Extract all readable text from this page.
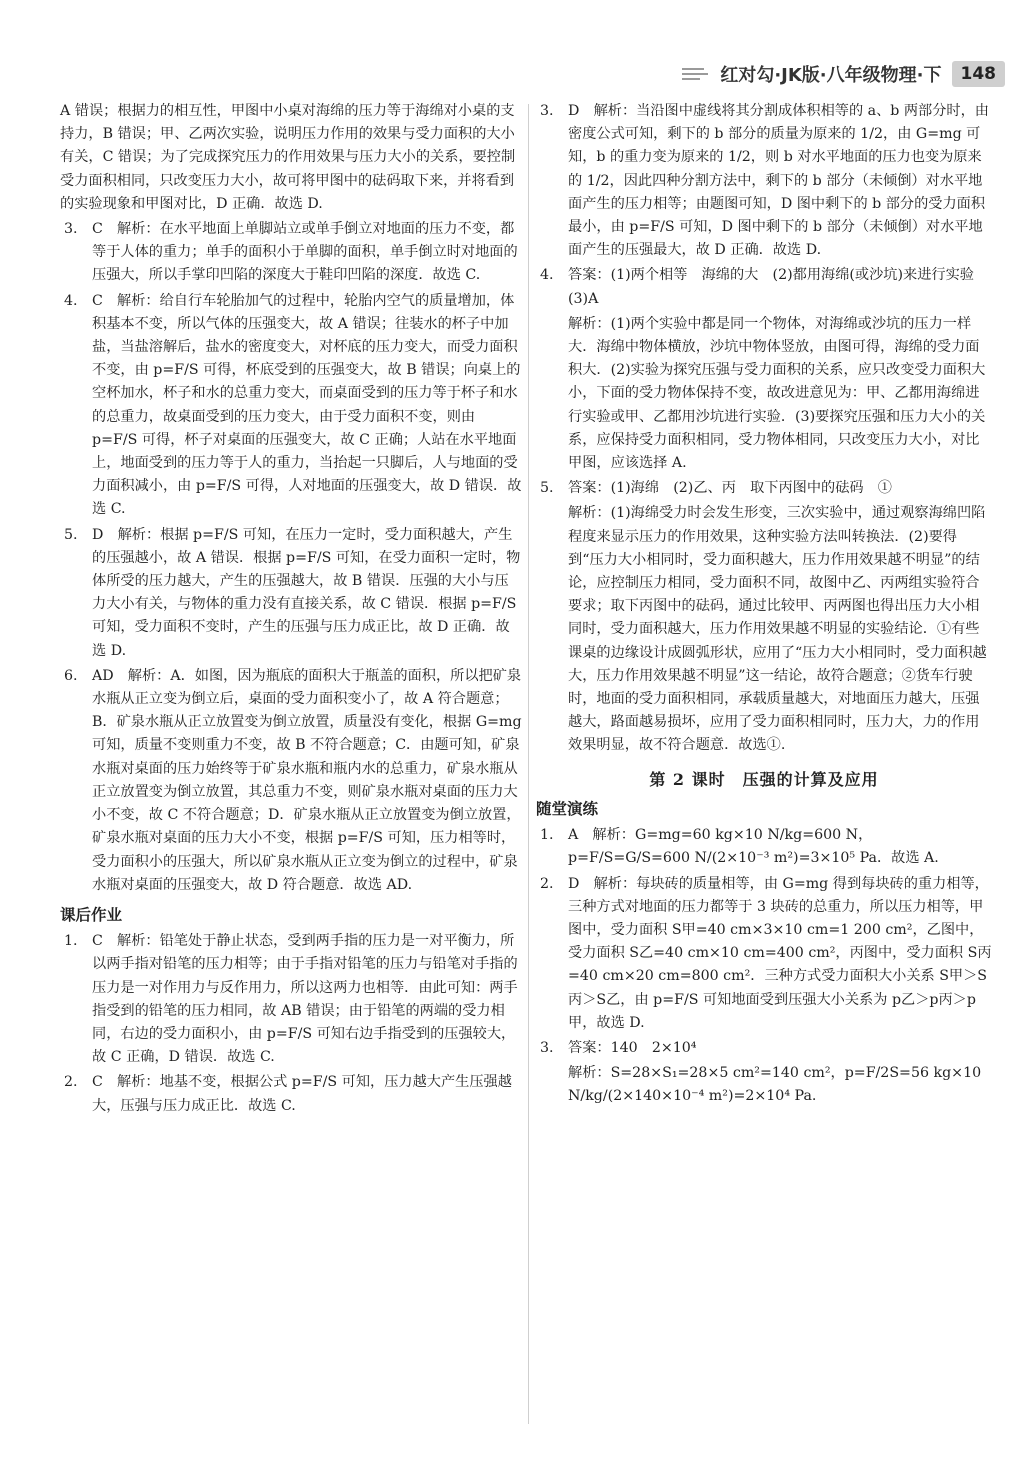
红对勾·JK版·八年级物理·下	148
A 错误；根据力的相互性，甲图中小桌对海绵的压力等于海绵对小桌的支持力，B 错误；甲、乙两次实验，说明压力作用的效果与受力面积的大小有关，C 错误；为了完成探究压力的作用效果与压力大小的关系，要控制受力面积相同，只改变压力大小，故可将甲图中的砝码取下来，并将看到的实验现象和甲图对比，D 正确．故选 D.
3. C　解析：在水平地面上单脚站立或单手倒立对地面的压力不变，都等于人体的重力；单手的面积小于单脚的面积，单手倒立时对地面的压强大，所以手掌印凹陷的深度大于鞋印凹陷的深度．故选 C.
4. C　解析：给自行车轮胎加气的过程中，轮胎内空气的质量增加，体积基本不变，所以气体的压强变大，故 A 错误；往装水的杯子中加盐，当盐溶解后，盐水的密度变大，对杯底的压力变大，而受力面积不变，由 p=F/S 可得，杯底受到的压强变大，故 B 错误；向桌上的空杯加水，杯子和水的总重力变大，而桌面受到的压力等于杯子和水的总重力，故桌面受到的压力变大，由于受力面积不变，则由 p=F/S 可得，杯子对桌面的压强变大，故 C 正确；人站在水平地面上，地面受到的压力等于人的重力，当抬起一只脚后，人与地面的受力面积减小，由 p=F/S 可得，人对地面的压强变大，故 D 错误．故选 C.
5. D　解析：根据 p=F/S 可知，在压力一定时，受力面积越大，产生的压强越小，故 A 错误．根据 p=F/S 可知，在受力面积一定时，物体所受的压力越大，产生的压强越大，故 B 错误．压强的大小与压力大小有关，与物体的重力没有直接关系，故 C 错误．根据 p=F/S 可知，受力面积不变时，产生的压强与压力成正比，故 D 正确．故选 D.
6. AD　解析：A．如图，因为瓶底的面积大于瓶盖的面积，所以把矿泉水瓶从正立变为倒立后，桌面的受力面积变小了，故 A 符合题意；B．矿泉水瓶从正立放置变为倒立放置，质量没有变化，根据 G=mg 可知，质量不变则重力不变，故 B 不符合题意；C．由题可知，矿泉水瓶对桌面的压力始终等于矿泉水瓶和瓶内水的总重力，矿泉水瓶从正立放置变为倒立放置，其总重力不变，则矿泉水瓶对桌面的压力大小不变，故 C 不符合题意；D．矿泉水瓶从正立放置变为倒立放置，矿泉水瓶对桌面的压力大小不变，根据 p=F/S 可知，压力相等时，受力面积小的压强大，所以矿泉水瓶从正立变为倒立的过程中，矿泉水瓶对桌面的压强变大，故 D 符合题意．故选 AD.
课后作业
1. C　解析：铅笔处于静止状态，受到两手指的压力是一对平衡力，所以两手指对铅笔的压力相等；由于手指对铅笔的压力与铅笔对手指的压力是一对作用力与反作用力，所以这两力也相等．由此可知：两手指受到的铅笔的压力相同，故 AB 错误；由于铅笔的两端的受力相同，右边的受力面积小，由 p=F/S 可知右边手指受到的压强较大，故 C 正确，D 错误．故选 C.
2. C　解析：地基不变，根据公式 p=F/S 可知，压力越大产生压强越大，压强与压力成正比．故选 C.
3. D　解析：当沿图中虚线将其分割成体积相等的 a、b 两部分时，由密度公式可知，剩下的 b 部分的质量为原来的 1/2，由 G=mg 可知，b 的重力变为原来的 1/2，则 b 对水平地面的压力也变为原来的 1/2，因此四种分割方法中，剩下的 b 部分（未倾倒）对水平地面产生的压力相等；由题图可知，D 图中剩下的 b 部分的受力面积最小，由 p=F/S 可知，D 图中剩下的 b 部分（未倾倒）对水平地面产生的压强最大，故 D 正确．故选 D.
4. 答案：(1)两个相等　海绵的大　(2)都用海绵(或沙坑)来进行实验　(3)A
解析：(1)两个实验中都是同一个物体，对海绵或沙坑的压力一样大．海绵中物体横放，沙坑中物体竖放，由图可得，海绵的受力面积大．(2)实验为探究压强与受力面积的关系，应只改变受力面积大小，下面的受力物体保持不变，故改进意见为：甲、乙都用海绵进行实验或甲、乙都用沙坑进行实验．(3)要探究压强和压力大小的关系，应保持受力面积相同，受力物体相同，只改变压力大小，对比甲图，应该选择 A.
5. 答案：(1)海绵　(2)乙、丙　取下丙图中的砝码　①
解析：(1)海绵受力时会发生形变，三次实验中，通过观察海绵凹陷程度来显示压力的作用效果，这种实验方法叫转换法．(2)要得到“压力大小相同时，受力面积越大，压力作用效果越不明显”的结论，应控制压力相同，受力面积不同，故图中乙、丙两组实验符合要求；取下丙图中的砝码，通过比较甲、丙两图也得出压力大小相同时，受力面积越大，压力作用效果越不明显的实验结论．①有些课桌的边缘设计成圆弧形状，应用了“压力大小相同时，受力面积越大，压力作用效果越不明显”这一结论，故符合题意；②货车行驶时，地面的受力面积相同，承载质量越大，对地面压力越大，压强越大，路面越易损坏，应用了受力面积相同时，压力大，力的作用效果明显，故不符合题意．故选①.
第 2 课时　压强的计算及应用
随堂演练
1. A　解析：G=mg=60 kg×10 N/kg=600 N，p=F/S=G/S=600 N/(2×10⁻³ m²)=3×10⁵ Pa．故选 A.
2. D　解析：每块砖的质量相等，由 G=mg 得到每块砖的重力相等，三种方式对地面的压力都等于 3 块砖的总重力，所以压力相等，甲图中，受力面积 S甲=40 cm×3×10 cm=1 200 cm²，乙图中，受力面积 S乙=40 cm×10 cm=400 cm²，丙图中，受力面积 S丙=40 cm×20 cm=800 cm²．三种方式受力面积大小关系 S甲＞S丙＞S乙，由 p=F/S 可知地面受到压强大小关系为 p乙＞p丙＞p甲，故选 D.
3. 答案：140　2×10⁴
解析：S=28×S₁=28×5 cm²=140 cm²，p=F/2S=56 kg×10 N/kg/(2×140×10⁻⁴ m²)=2×10⁴ Pa.
